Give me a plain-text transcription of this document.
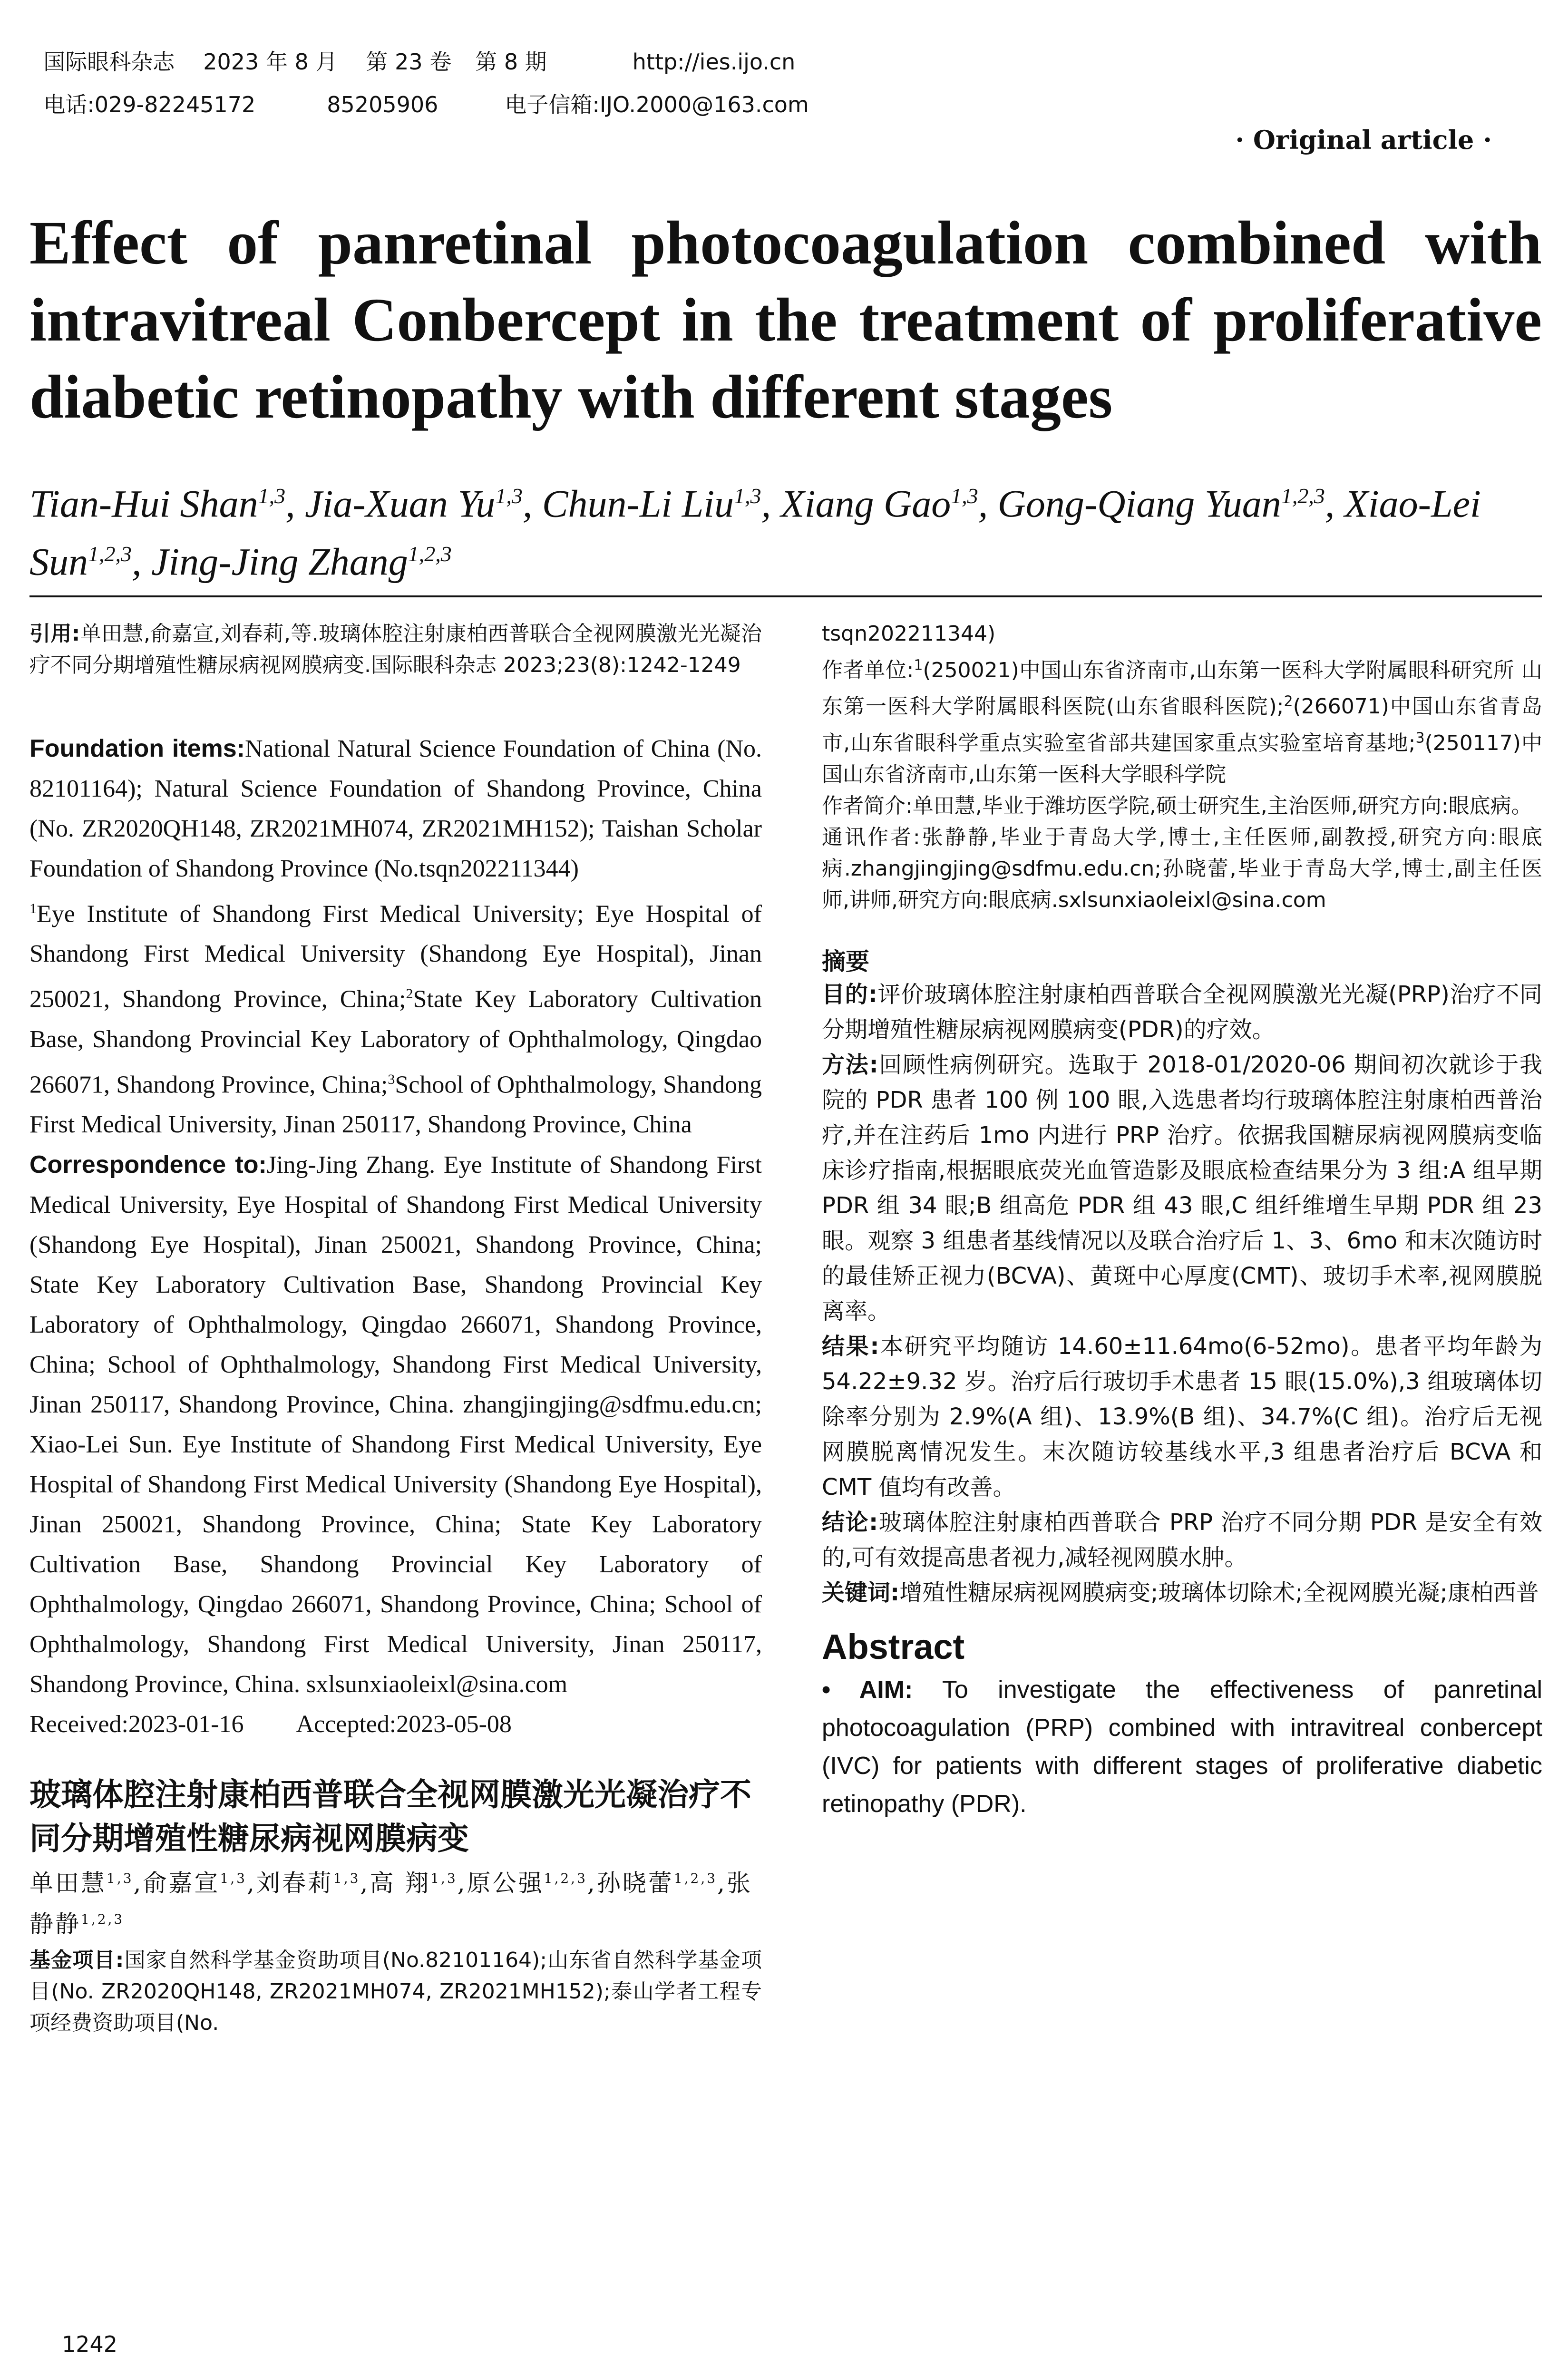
国际眼科杂志 2023 年 8 月 第 23 卷 第 8 期	http://ies.ijo.cn

电话:029-82245172	85205906	电子信箱:IJO.2000@163.com

· Original article ·
Effect of panretinal photocoagulation combined with intravitreal Conbercept in the treatment of proliferative diabetic retinopathy with different stages
Tian-Hui Shan$^{1,3}$, Jia-Xuan Yu$^{1,3}$, Chun-Li Liu$^{1,3}$, Xiang Gao$^{1,3}$, Gong-Qiang Yuan$^{1,2,3}$, Xiao-Lei Sun$^{1,2,3}$, Jing-Jing Zhang$^{1,2,3}$

引用:单田慧,俞嘉宣,刘春莉,等.玻璃体腔注射康柏西普联合全视网膜激光光凝治疗不同分期增殖性糖尿病视网膜病变.国际眼科杂志 2023;23(8):1242-1249

Foundation items:National Natural Science Foundation of China (No. 82101164); Natural Science Foundation of Shandong Province, China (No. ZR2020QH148, ZR2021MH074, ZR2021MH152); Taishan Scholar Foundation of Shandong Province (No.tsqn202211344)

$^1$Eye Institute of Shandong First Medical University; Eye Hospital of Shandong First Medical University (Shandong Eye Hospital), Jinan 250021, Shandong Province, China;$^2$State Key Laboratory Cultivation Base, Shandong Provincial Key Laboratory of Ophthalmology, Qingdao 266071, Shandong Province, China;$^3$School of Ophthalmology, Shandong First Medical University, Jinan 250117, Shandong Province, China

Correspondence to:Jing-Jing Zhang. Eye Institute of Shandong First Medical University, Eye Hospital of Shandong First Medical University (Shandong Eye Hospital), Jinan 250021, Shandong Province, China; State Key Laboratory Cultivation Base, Shandong Provincial Key Laboratory of Ophthalmology, Qingdao 266071, Shandong Province, China; School of Ophthalmology, Shandong First Medical University, Jinan 250117, Shandong Province, China. zhangjingjing@sdfmu.edu.cn; Xiao-Lei Sun. Eye Institute of Shandong First Medical University, Eye Hospital of Shandong First Medical University (Shandong Eye Hospital), Jinan 250021, Shandong Province, China; State Key Laboratory Cultivation Base, Shandong Provincial Key Laboratory of Ophthalmology, Qingdao 266071, Shandong Province, China; School of Ophthalmology, Shandong First Medical University, Jinan 250117, Shandong Province, China. sxlsunxiaoleixl@sina.com

Received:2023-01-16 Accepted:2023-05-08

玻璃体腔注射康柏西普联合全视网膜激光光凝治疗不同分期增殖性糖尿病视网膜病变
单田慧$^{1,3}$,俞嘉宣$^{1,3}$,刘春莉$^{1,3}$,高 翔$^{1,3}$,原公强$^{1,2,3}$,孙晓蕾$^{1,2,3}$,张静静$^{1,2,3}$

基金项目:国家自然科学基金资助项目(No.82101164);山东省自然科学基金项目(No. ZR2020QH148, ZR2021MH074, ZR2021MH152);泰山学者工程专项经费资助项目(No.

tsqn202211344)

作者单位:$^1$(250021)中国山东省济南市,山东第一医科大学附属眼科研究所 山东第一医科大学附属眼科医院(山东省眼科医院);$^2$(266071)中国山东省青岛市,山东省眼科学重点实验室省部共建国家重点实验室培育基地;$^3$(250117)中国山东省济南市,山东第一医科大学眼科学院

作者简介:单田慧,毕业于潍坊医学院,硕士研究生,主治医师,研究方向:眼底病。

通讯作者:张静静,毕业于青岛大学,博士,主任医师,副教授,研究方向:眼底病.zhangjingjing@sdfmu.edu.cn;孙晓蕾,毕业于青岛大学,博士,副主任医师,讲师,研究方向:眼底病.sxlsunxiaoleixl@sina.com

摘要

目的:评价玻璃体腔注射康柏西普联合全视网膜激光光凝(PRP)治疗不同分期增殖性糖尿病视网膜病变(PDR)的疗效。

方法:回顾性病例研究。选取于 2018-01/2020-06 期间初次就诊于我院的 PDR 患者 100 例 100 眼,入选患者均行玻璃体腔注射康柏西普治疗,并在注药后 1mo 内进行 PRP 治疗。依据我国糖尿病视网膜病变临床诊疗指南,根据眼底荧光血管造影及眼底检查结果分为 3 组:A 组早期 PDR 组 34 眼;B 组高危 PDR 组 43 眼,C 组纤维增生早期 PDR 组 23 眼。观察 3 组患者基线情况以及联合治疗后 1、3、6mo 和末次随访时的最佳矫正视力(BCVA)、黄斑中心厚度(CMT)、玻切手术率,视网膜脱离率。

结果:本研究平均随访 14.60±11.64mo(6-52mo)。患者平均年龄为 54.22±9.32 岁。治疗后行玻切手术患者 15 眼(15.0%),3 组玻璃体切除率分别为 2.9%(A 组)、13.9%(B 组)、34.7%(C 组)。治疗后无视网膜脱离情况发生。末次随访较基线水平,3 组患者治疗后 BCVA 和 CMT 值均有改善。

结论:玻璃体腔注射康柏西普联合 PRP 治疗不同分期 PDR 是安全有效的,可有效提高患者视力,减轻视网膜水肿。

关键词:增殖性糖尿病视网膜病变;玻璃体切除术;全视网膜光凝;康柏西普

Abstract

• AIM: To investigate the effectiveness of panretinal photocoagulation (PRP) combined with intravitreal conbercept (IVC) for patients with different stages of proliferative diabetic retinopathy (PDR).

1242
